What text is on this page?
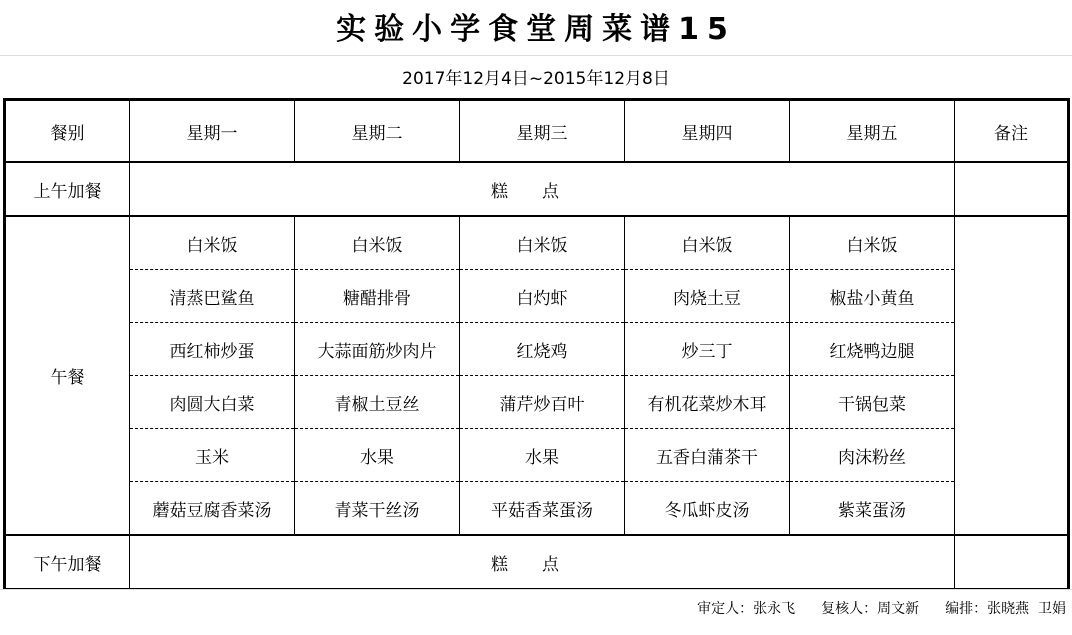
实验小学食堂周菜谱15
2017年12月4日~2015年12月8日
餐别	星期一	星期二	星期三	星期四	星期五	备注
上午加餐	糕点					
午餐	白米饭	白米饭	白米饭	白米饭	白米饭	
	清蒸巴鲨鱼	糖醋排骨	白灼虾	肉烧土豆	椒盐小黄鱼	
	西红柿炒蛋	大蒜面筋炒肉片	红烧鸡	炒三丁	红烧鸭边腿	
	肉圆大白菜	青椒土豆丝	蒲芹炒百叶	有机花菜炒木耳	干锅包菜	
	玉米	水果	水果	五香白蒲茶干	肉沫粉丝	
	蘑菇豆腐香菜汤	青菜干丝汤	平菇香菜蛋汤	冬瓜虾皮汤	紫菜蛋汤	
下午加餐	糕点					
审定人：张永飞 复核人：周文新 编排：张晓燕  卫娟
